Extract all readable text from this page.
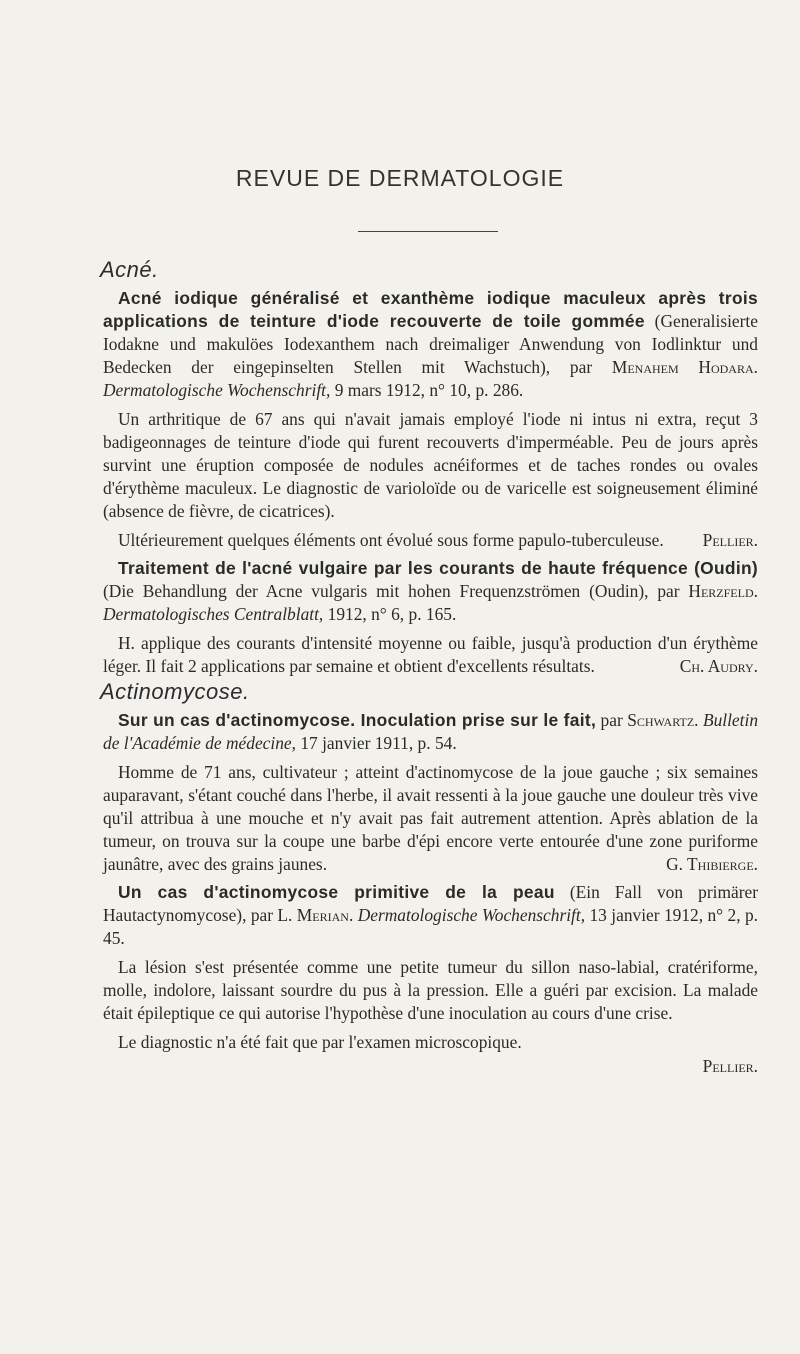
REVUE DE DERMATOLOGIE
Acné.

Acné iodique généralisé et exanthème iodique maculeux après trois applications de teinture d'iode recouverte de toile gommée (Generalisierte Iodakne und makulöes Iodexanthem nach dreimaliger Anwendung von Iodlinktur und Bedecken der eingepinselten Stellen mit Wachstuch), par Menahem Hodara. Dermatologische Wochenschrift, 9 mars 1912, n° 10, p. 286.

Un arthritique de 67 ans qui n'avait jamais employé l'iode ni intus ni extra, reçut 3 badigeonnages de teinture d'iode qui furent recouverts d'imperméable. Peu de jours après survint une éruption composée de nodules acnéiformes et de taches rondes ou ovales d'érythème maculeux. Le diagnostic de varioloïde ou de varicelle est soigneusement éliminé (absence de fièvre, de cicatrices).

Ultérieurement quelques éléments ont évolué sous forme papulo-tuberculeuse.	Pellier.

Traitement de l'acné vulgaire par les courants de haute fréquence (Oudin) (Die Behandlung der Acne vulgaris mit hohen Frequenzströmen (Oudin), par Herzfeld. Dermatologisches Centralblatt, 1912, n° 6, p. 165.

H. applique des courants d'intensité moyenne ou faible, jusqu'à production d'un érythème léger. Il fait 2 applications par semaine et obtient d'excellents résultats.	Ch. Audry.

Actinomycose.

Sur un cas d'actinomycose. Inoculation prise sur le fait, par Schwartz. Bulletin de l'Académie de médecine, 17 janvier 1911, p. 54.

Homme de 71 ans, cultivateur ; atteint d'actinomycose de la joue gauche ; six semaines auparavant, s'étant couché dans l'herbe, il avait ressenti à la joue gauche une douleur très vive qu'il attribua à une mouche et n'y avait pas fait autrement attention. Après ablation de la tumeur, on trouva sur la coupe une barbe d'épi encore verte entourée d'une zone puriforme jaunâtre, avec des grains jaunes.	G. Thibierge.

Un cas d'actinomycose primitive de la peau (Ein Fall von primärer Hautactynomycose), par L. Merian. Dermatologische Wochenschrift, 13 janvier 1912, n° 2, p. 45.

La lésion s'est présentée comme une petite tumeur du sillon naso-labial, cratériforme, molle, indolore, laissant sourdre du pus à la pression. Elle a guéri par excision. La malade était épileptique ce qui autorise l'hypothèse d'une inoculation au cours d'une crise.

Le diagnostic n'a été fait que par l'examen microscopique.

Pellier.
